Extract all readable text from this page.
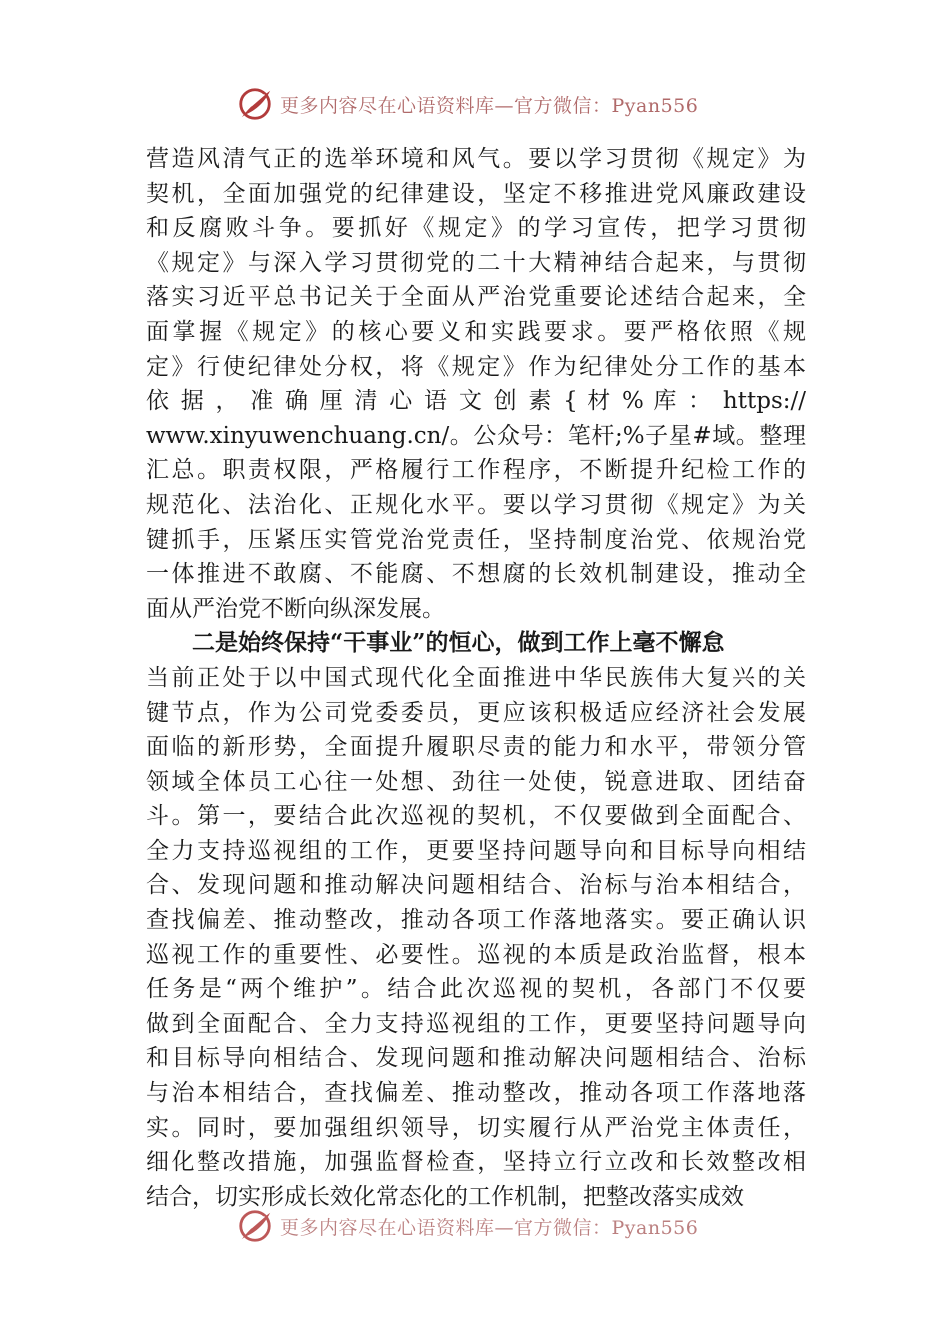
更多内容尽在心语资料库—官方微信：Pyan556
营造风清气正的选举环境和风气。要以学习贯彻《规定》为
契机，全面加强党的纪律建设，坚定不移推进党风廉政建设
和反腐败斗争。要抓好《规定》的学习宣传，把学习贯彻
《规定》与深入学习贯彻党的二十大精神结合起来，与贯彻
落实习近平总书记关于全面从严治党重要论述结合起来，全
面掌握《规定》的核心要义和实践要求。要严格依照《规
定》行使纪律处分权，将《规定》作为纪律处分工作的基本
依 据 ， 准 确 厘 清 心 语 文 创 素 { 材 % 库 ： https://
www.xinyuwenchuang.cn/。公众号：笔杆;%子星#域。整理
汇总。职责权限，严格履行工作程序，不断提升纪检工作的
规范化、法治化、正规化水平。要以学习贯彻《规定》为关
键抓手，压紧压实管党治党责任，坚持制度治党、依规治党
一体推进不敢腐、不能腐、不想腐的长效机制建设，推动全
面从严治党不断向纵深发展。
二是始终保持“干事业”的恒心，做到工作上毫不懈怠
当前正处于以中国式现代化全面推进中华民族伟大复兴的关
键节点，作为公司党委委员，更应该积极适应经济社会发展
面临的新形势，全面提升履职尽责的能力和水平，带领分管
领域全体员工心往一处想、劲往一处使，锐意进取、团结奋
斗。第一，要结合此次巡视的契机，不仅要做到全面配合、
全力支持巡视组的工作，更要坚持问题导向和目标导向相结
合、发现问题和推动解决问题相结合、治标与治本相结合，
查找偏差、推动整改，推动各项工作落地落实。要正确认识
巡视工作的重要性、必要性。巡视的本质是政治监督，根本
任务是“两个维护”。结合此次巡视的契机，各部门不仅要
做到全面配合、全力支持巡视组的工作，更要坚持问题导向
和目标导向相结合、发现问题和推动解决问题相结合、治标
与治本相结合，查找偏差、推动整改，推动各项工作落地落
实。同时，要加强组织领导，切实履行从严治党主体责任，
细化整改措施，加强监督检查，坚持立行立改和长效整改相
结合，切实形成长效化常态化的工作机制，把整改落实成效
更多内容尽在心语资料库—官方微信：Pyan556
